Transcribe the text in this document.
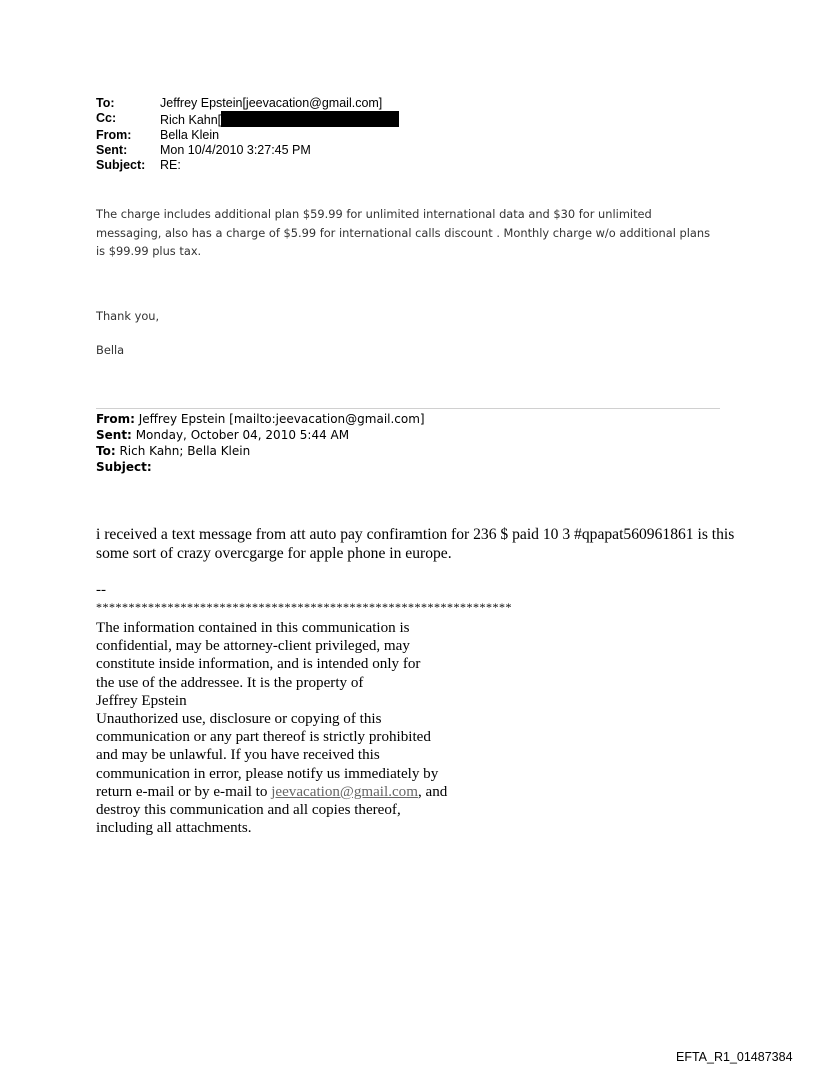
To:	Jeffrey Epstein[jeevacation@gmail.com]
Cc:	Rich Kahn[
From:	Bella Klein
Sent:	Mon 10/4/2010 3:27:45 PM
Subject:	RE:
The charge includes additional plan $59.99 for unlimited international data and $30 for unlimited messaging, also has a charge of $5.99 for international calls discount . Monthly charge w/o additional plans is $99.99 plus tax.
Thank you,
Bella
From: Jeffrey Epstein [mailto:jeevacation@gmail.com]
Sent: Monday, October 04, 2010 5:44 AM
To: Rich Kahn; Bella Klein
Subject:
i received a text message from att auto pay confiramtion for 236 $ paid 10 3 #qpapat560961861 is this some sort of crazy overcgarge for apple phone in europe.
--
****************************************************************
The information contained in this communication is
confidential, may be attorney-client privileged, may
constitute inside information, and is intended only for
the use of the addressee. It is the property of
Jeffrey Epstein
Unauthorized use, disclosure or copying of this
communication or any part thereof is strictly prohibited
and may be unlawful. If you have received this
communication in error, please notify us immediately by
return e-mail or by e-mail to jeevacation@gmail.com, and
destroy this communication and all copies thereof,
including all attachments.
EFTA_R1_01487384
